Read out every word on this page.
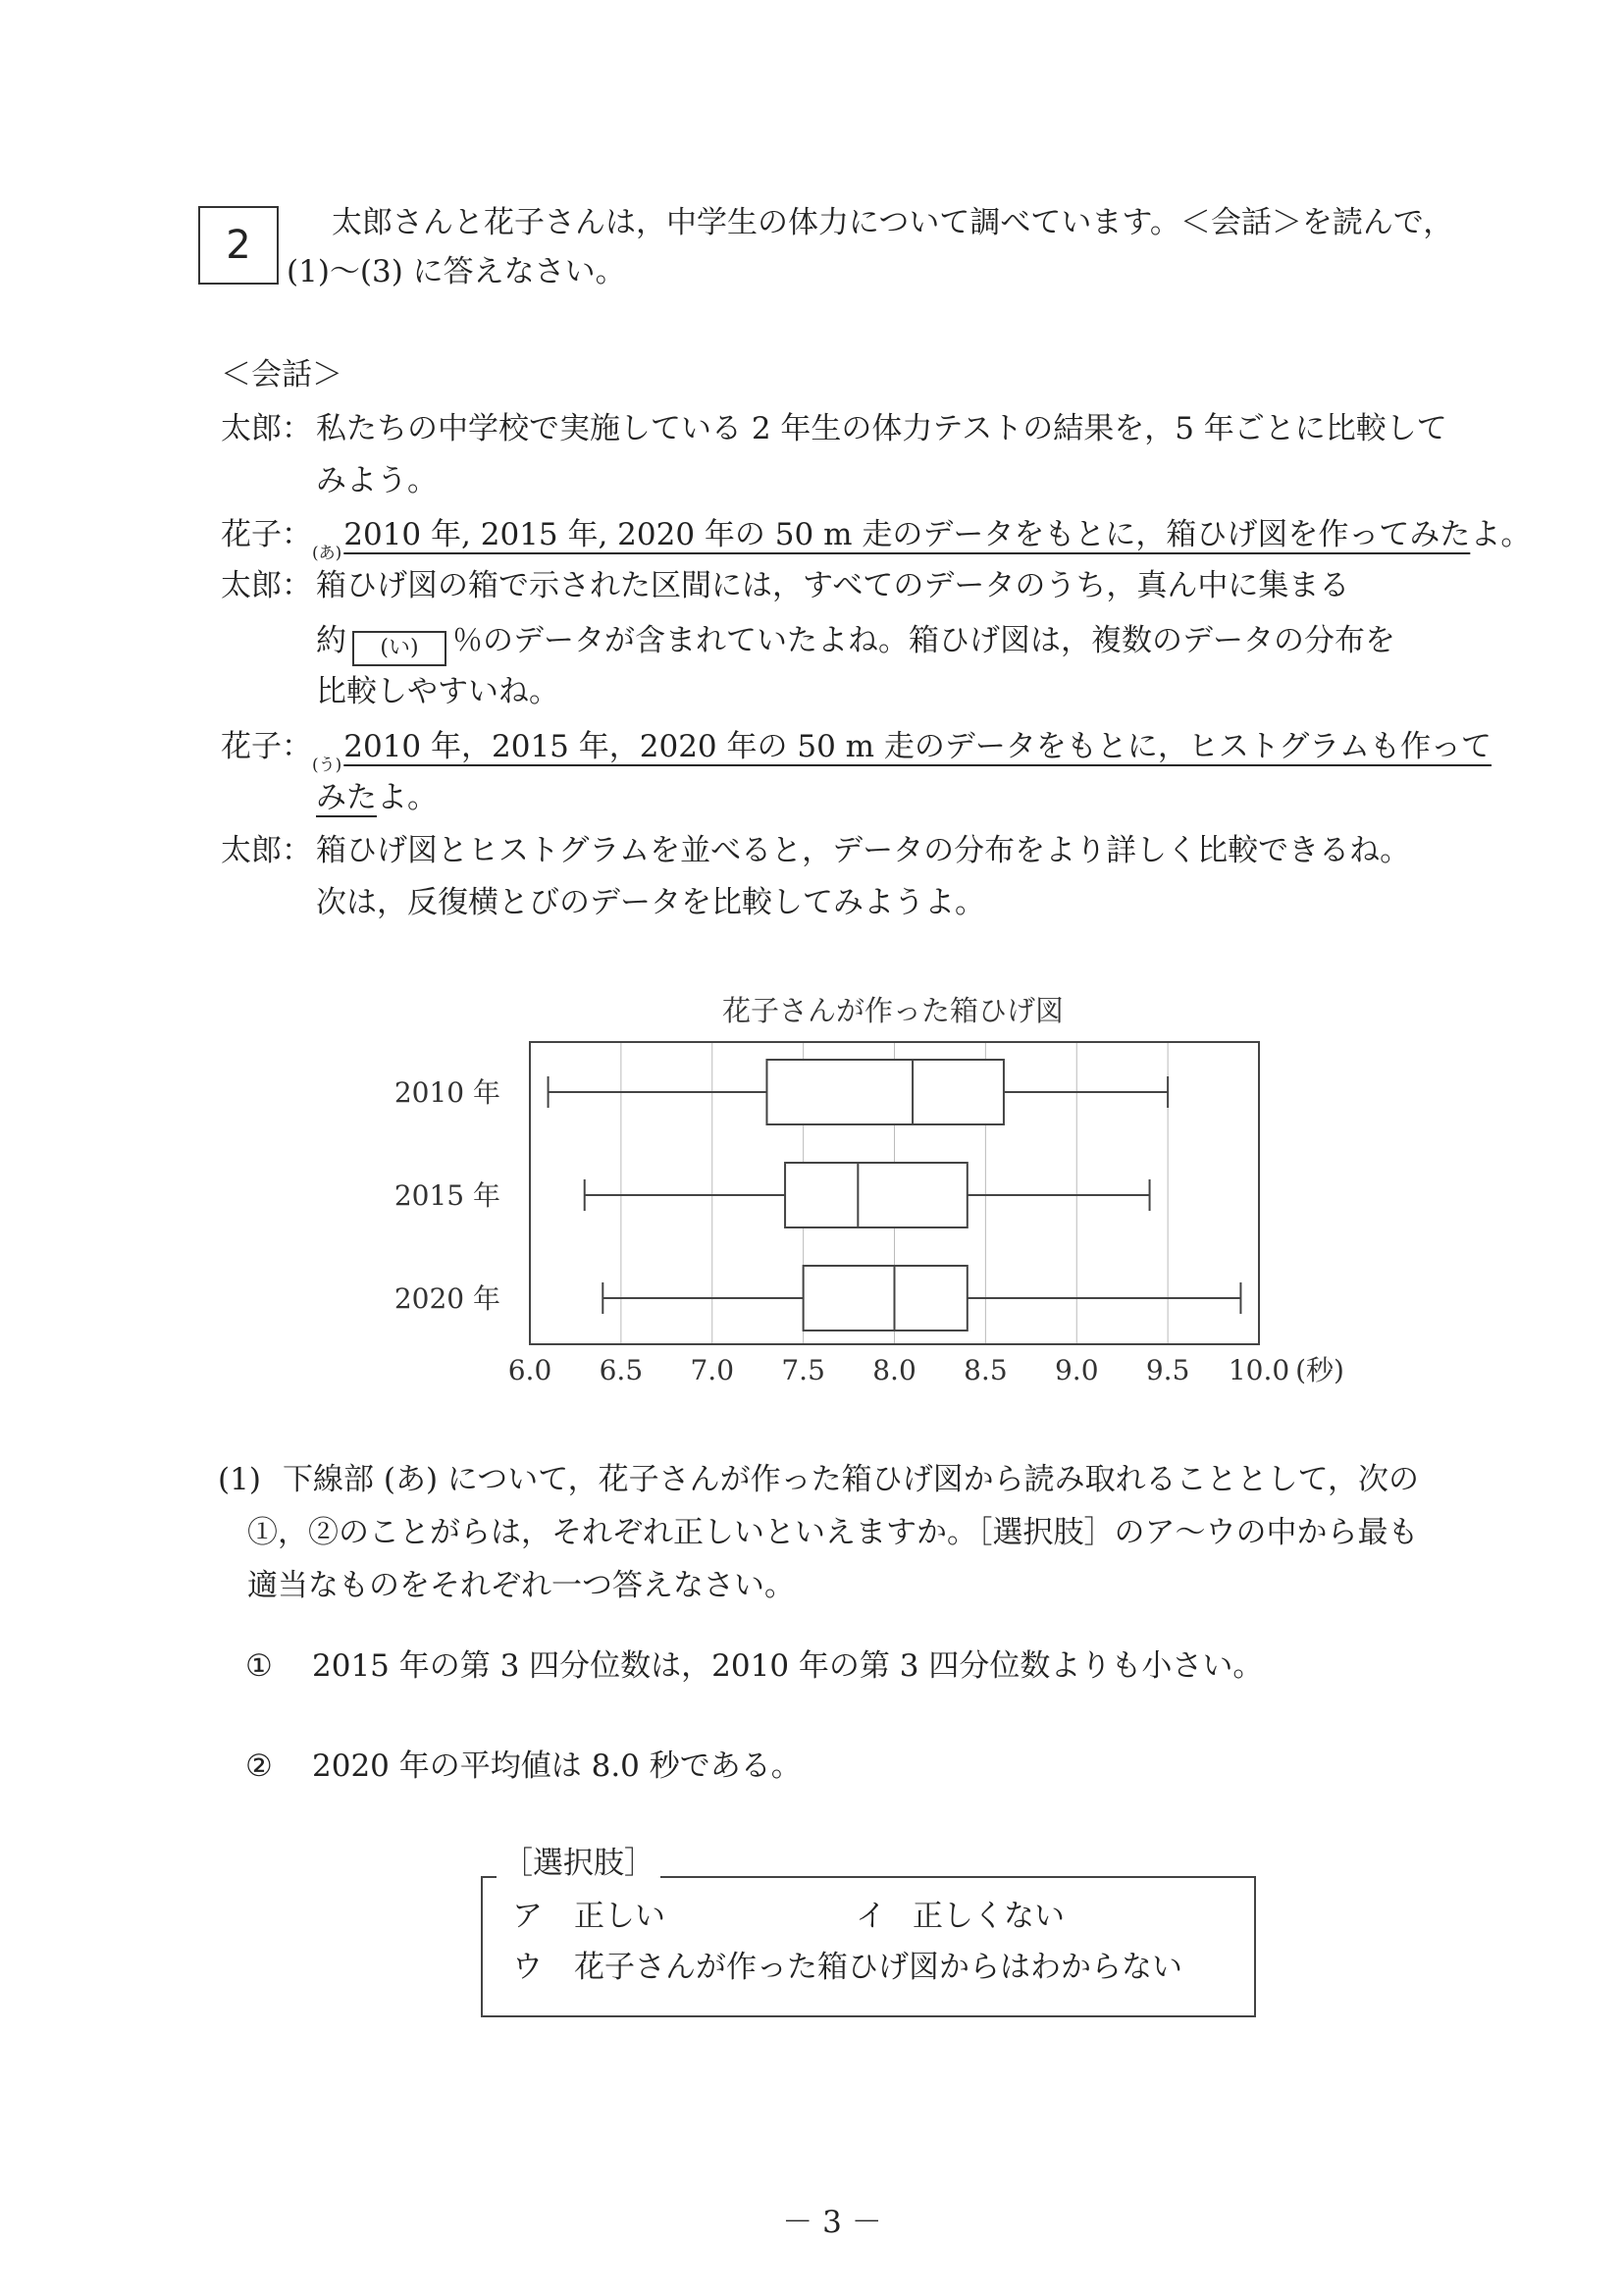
2	太郎さんと花子さんは，中学生の体力について調べています。＜会話＞を読んで，
(1)～(3) に答えなさい。
＜会話＞
太郎： 私たちの中学校で実施している 2 年生の体力テストの結果を，5 年ごとに比較して
みよう。
花子：
$_{(あ)}$2010 年, 2015 年, 2020 年の 50 m 走のデータをもとに，箱ひげ図を作ってみたよ。
太郎： 箱ひげ図の箱で示された区間には，すべてのデータのうち，真ん中に集まる
約 (い) ％のデータが含まれていたよね。箱ひげ図は，複数のデータの分布を
比較しやすいね。
花子：
$_{(う)}$2010 年，2015 年，2020 年の 50 m 走のデータをもとに，ヒストグラムも作って
みたよ。
太郎： 箱ひげ図とヒストグラムを並べると，データの分布をより詳しく比較できるね。
次は，反復横とびのデータを比較してみようよ。
花子さんが作った箱ひげ図
6.0 6.5 7.0 7.5 8.0 8.5 9.0 9.5 10.0 (秒)
2010 年
2015 年
2020 年
(1) 下線部 (あ) について，花子さんが作った箱ひげ図から読み取れることとして，次の
①，②のことがらは，それぞれ正しいといえますか。［選択肢］のア～ウの中から最も
適当なものをそれぞれ一つ答えなさい。
① 2015 年の第 3 四分位数は，2010 年の第 3 四分位数よりも小さい。
② 2020 年の平均値は 8.0 秒である。
［選択肢］
ア 正しい	イ 正しくない
ウ 花子さんが作った箱ひげ図からはわからない
－ 3 －
